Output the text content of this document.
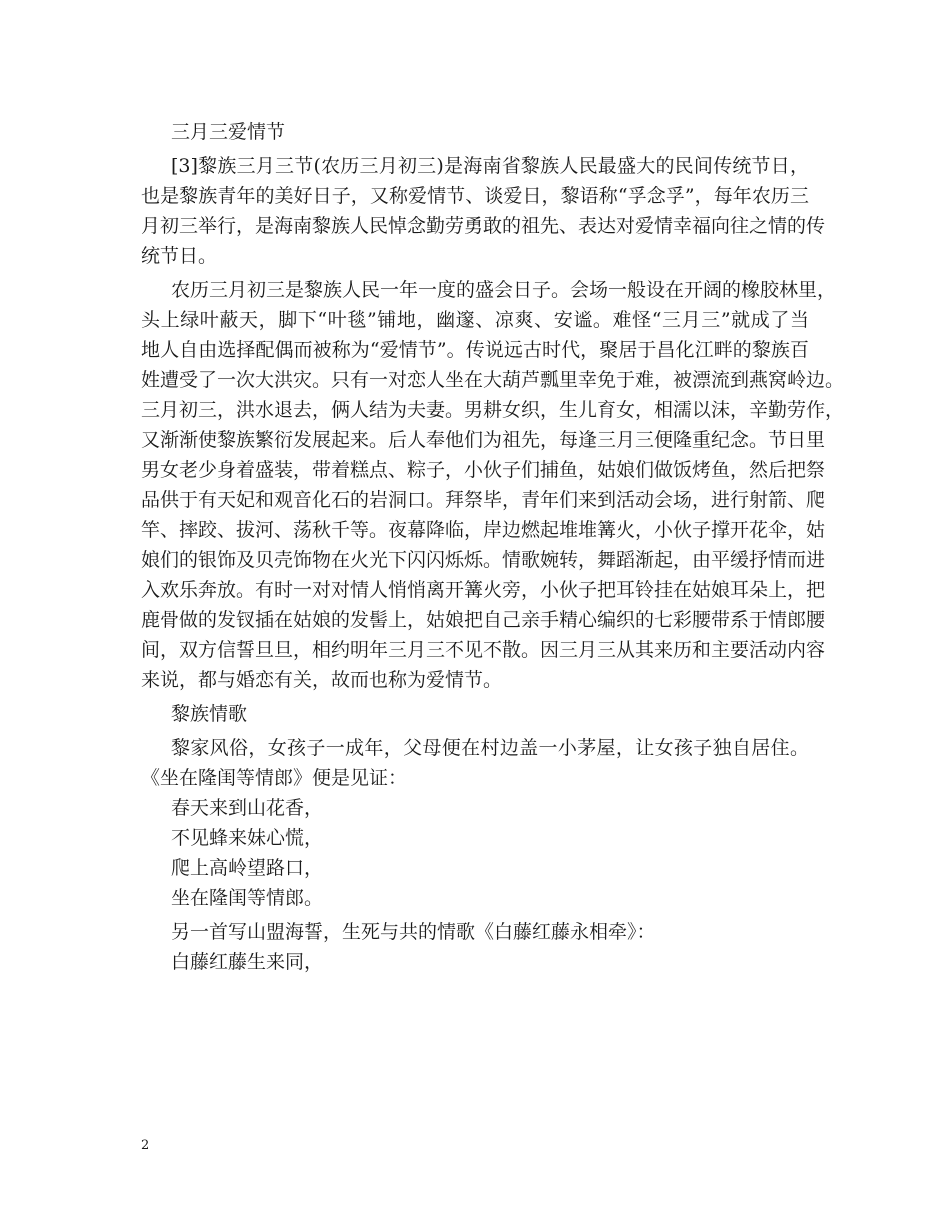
三月三爱情节
[3]黎族三月三节(农历三月初三)是海南省黎族人民最盛大的民间传统节日，
也是黎族青年的美好日子，又称爱情节、谈爱日，黎语称“孚念孚”，每年农历三
月初三举行，是海南黎族人民悼念勤劳勇敢的祖先、表达对爱情幸福向往之情的传
统节日。
农历三月初三是黎族人民一年一度的盛会日子。会场一般设在开阔的橡胶林里，
头上绿叶蔽天，脚下“叶毯”铺地，幽邃、凉爽、安谧。难怪“三月三”就成了当
地人自由选择配偶而被称为“爱情节”。传说远古时代，聚居于昌化江畔的黎族百
姓遭受了一次大洪灾。只有一对恋人坐在大葫芦瓢里幸免于难，被漂流到燕窝岭边。
三月初三，洪水退去，俩人结为夫妻。男耕女织，生儿育女，相濡以沫，辛勤劳作，
又渐渐使黎族繁衍发展起来。后人奉他们为祖先，每逢三月三便隆重纪念。节日里
男女老少身着盛装，带着糕点、粽子，小伙子们捕鱼，姑娘们做饭烤鱼，然后把祭
品供于有天妃和观音化石的岩洞口。拜祭毕，青年们来到活动会场，进行射箭、爬
竿、摔跤、拔河、荡秋千等。夜幕降临，岸边燃起堆堆篝火，小伙子撑开花伞，姑
娘们的银饰及贝壳饰物在火光下闪闪烁烁。情歌婉转，舞蹈渐起，由平缓抒情而进
入欢乐奔放。有时一对对情人悄悄离开篝火旁，小伙子把耳铃挂在姑娘耳朵上，把
鹿骨做的发钗插在姑娘的发髻上，姑娘把自己亲手精心编织的七彩腰带系于情郎腰
间，双方信誓旦旦，相约明年三月三不见不散。因三月三从其来历和主要活动内容
来说，都与婚恋有关，故而也称为爱情节。
黎族情歌
黎家风俗，女孩子一成年，父母便在村边盖一小茅屋，让女孩子独自居住。
《坐在隆闺等情郎》便是见证：
春天来到山花香，
不见蜂来妹心慌，
爬上高岭望路口，
坐在隆闺等情郎。
另一首写山盟海誓，生死与共的情歌《白藤红藤永相牵》：
白藤红藤生来同，
2
